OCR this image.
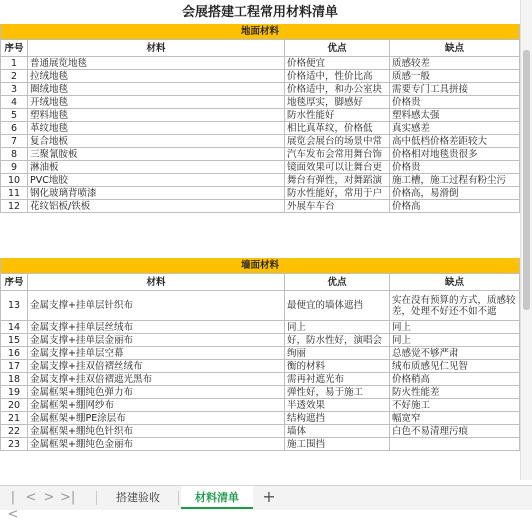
会展搭建工程常用材料清单
地面材料
序号	材料	优点	缺点
1	普通展览地毯	价格便宜	质感较差
2	拉绒地毯	价格适中，性价比高	质感一般
3	圈绒地毯	价格适中，和办公室块	需要专门工具拼接
4	开绒地毯	地毯厚实，脚感好	价格贵
5	塑料地毯	防水性能好	塑料感太强
6	革纹地毯	相比真革纹，价格低	真实感差
7	复合地板	展览会展台的场景中常	高中低档价格差距较大
8	三聚氰胺板	汽车发布会常用舞台饰	价格相对地毯贵很多
9	淋油板	镜面效果可以让舞台更	价格贵
10	PVC地胶	舞台有弹性，对舞蹈演	施工槽，施工过程有粉尘污
11	钢化玻璃背喷漆	防水性能好，常用于户	价格高，易滑倒
12	花纹铝板/铁板	外展车车台	价格高
墙面材料
序号	材料	优点	缺点
13	金属支撑+挂单层针织布	最便宜的墙体遮挡	实在没有预算的方式，质感较差，处理不好还不如不遮
14	金属支撑+挂单层丝绒布	同上	同上
15	金属支撑+挂单层金丽布	好，防水性好，演唱会	同上
16	金属支撑+挂单层空幕	绚丽	总感觉不够严肃
17	金属支撑+挂双倍褶丝绒布	衡的材料	绒布质感见仁见智
18	金属支撑+挂双倍褶遮光黑布	需再衬遮光布	价格稍高
19	金属框架+绷纯色弹力布	弹性好，易于施工	防火性能差
20	金属框架+绷网纱布	半透效果	不好施工
21	金属框架+绷PE涂层布	结构遮挡	幅宽窄
22	金属框架+绷纯色针织布	墙体	白色不易清理污痕
23	金属框架+绷纯色金丽布	施工围挡
|<
< > >|	搭建验收	材料清单	+
